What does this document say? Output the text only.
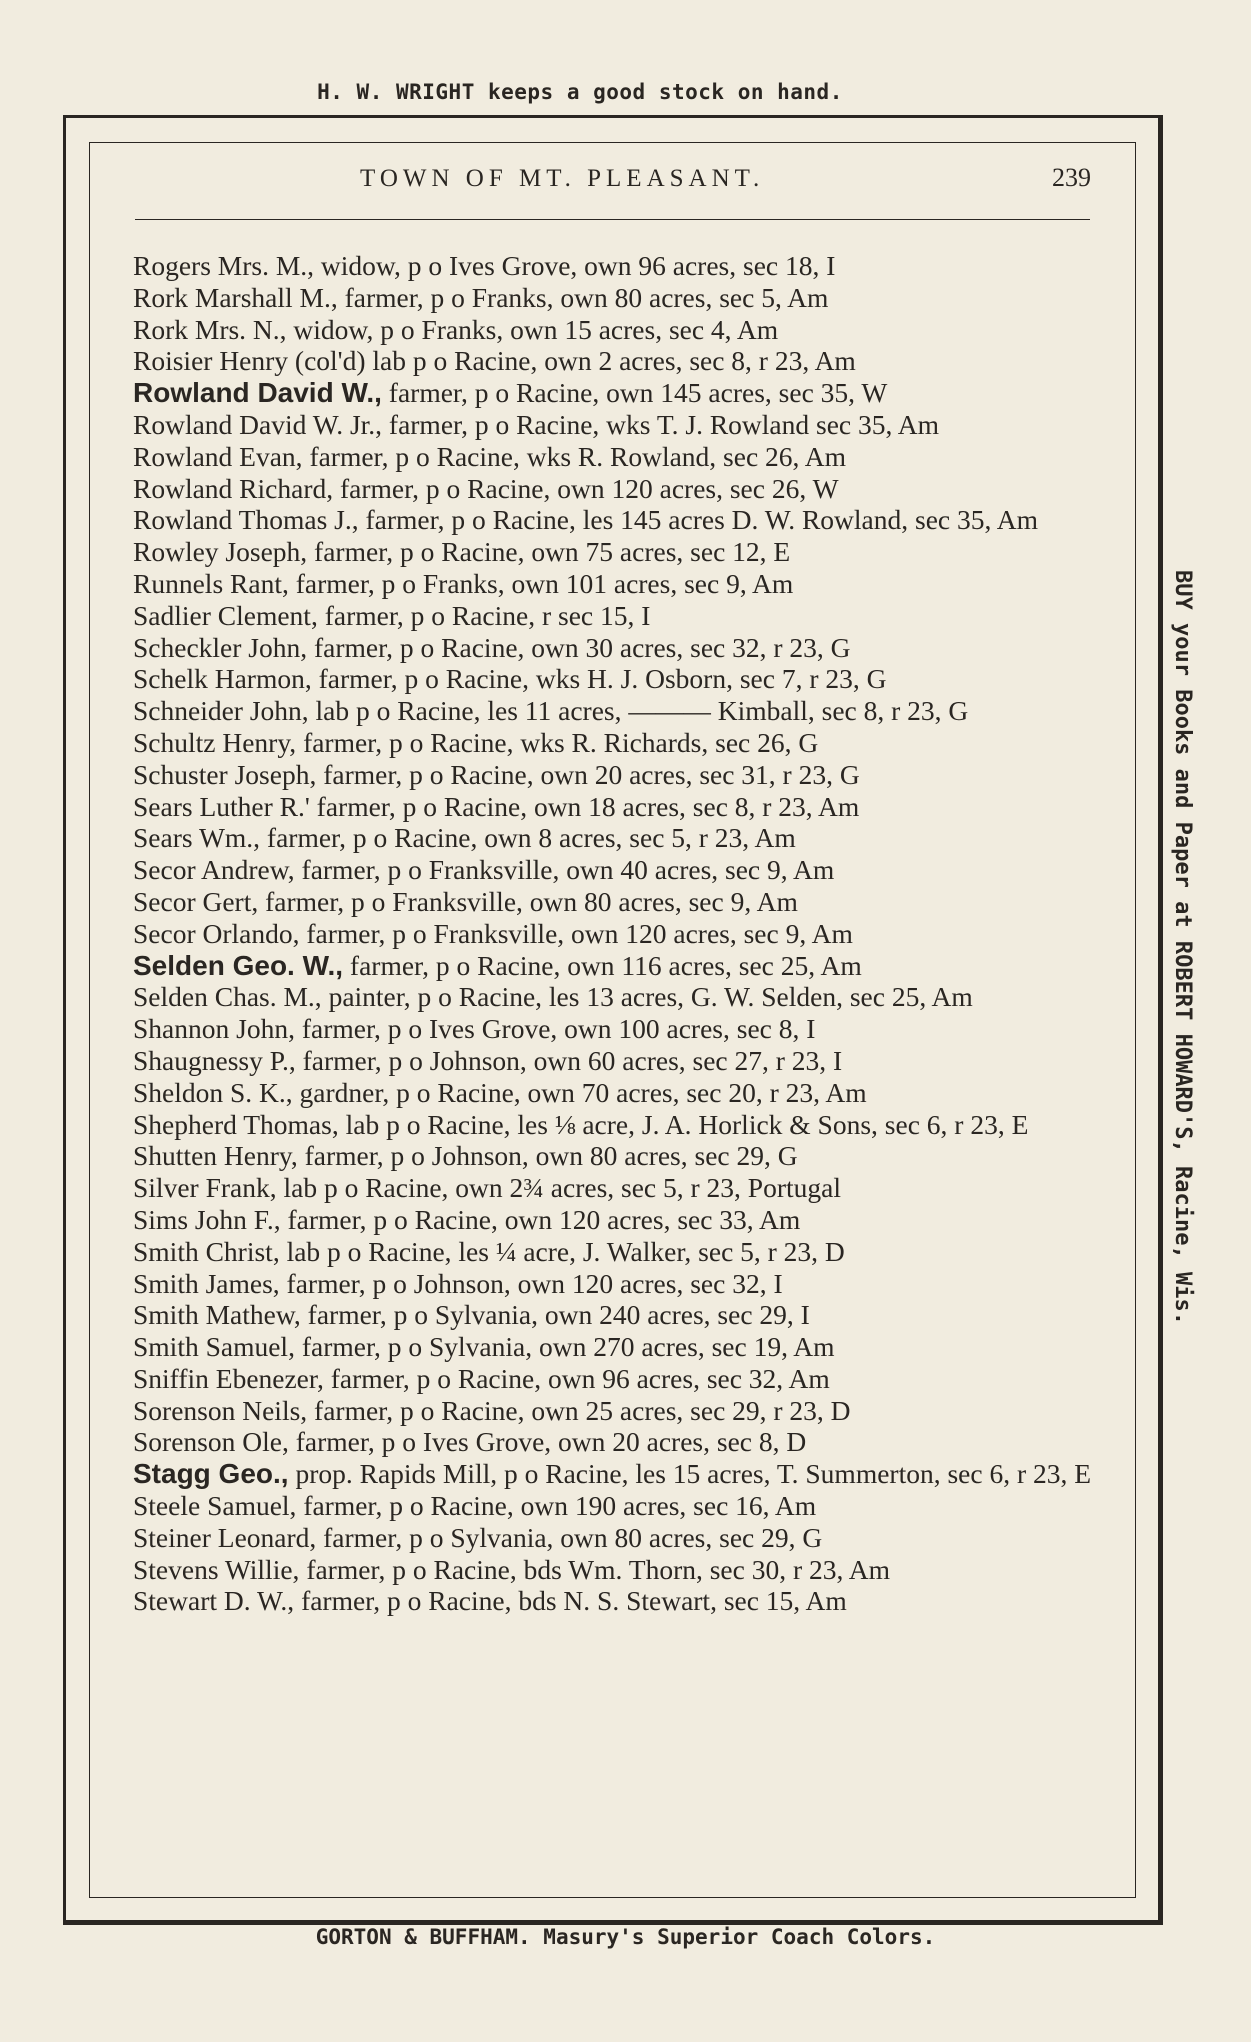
H. W. WRIGHT keeps a good stock on hand.
TOWN OF MT. PLEASANT.	239

Rogers Mrs. M., widow, p o Ives Grove, own 96 acres, sec 18, I

Rork Marshall M., farmer, p o Franks, own 80 acres, sec 5, Am

Rork Mrs. N., widow, p o Franks, own 15 acres, sec 4, Am

Roisier Henry (col'd) lab p o Racine, own 2 acres, sec 8, r 23, Am

Rowland David W., farmer, p o Racine, own 145 acres, sec 35, W

Rowland David W. Jr., farmer, p o Racine, wks T. J. Rowland sec 35, Am

Rowland Evan, farmer, p o Racine, wks R. Rowland, sec 26, Am

Rowland Richard, farmer, p o Racine, own 120 acres, sec 26, W

Rowland Thomas J., farmer, p o Racine, les 145 acres D. W. Rowland, sec 35, Am

Rowley Joseph, farmer, p o Racine, own 75 acres, sec 12, E

Runnels Rant, farmer, p o Franks, own 101 acres, sec 9, Am

Sadlier Clement, farmer, p o Racine, r sec 15, I

Scheckler John, farmer, p o Racine, own 30 acres, sec 32, r 23, G

Schelk Harmon, farmer, p o Racine, wks H. J. Osborn, sec 7, r 23, G

Schneider John, lab p o Racine, les 11 acres, ——— Kimball, sec 8, r 23, G

Schultz Henry, farmer, p o Racine, wks R. Richards, sec 26, G

Schuster Joseph, farmer, p o Racine, own 20 acres, sec 31, r 23, G

Sears Luther R.' farmer, p o Racine, own 18 acres, sec 8, r 23, Am

Sears Wm., farmer, p o Racine, own 8 acres, sec 5, r 23, Am

Secor Andrew, farmer, p o Franksville, own 40 acres, sec 9, Am

Secor Gert, farmer, p o Franksville, own 80 acres, sec 9, Am

Secor Orlando, farmer, p o Franksville, own 120 acres, sec 9, Am

Selden Geo. W., farmer, p o Racine, own 116 acres, sec 25, Am

Selden Chas. M., painter, p o Racine, les 13 acres, G. W. Selden, sec 25, Am

Shannon John, farmer, p o Ives Grove, own 100 acres, sec 8, I

Shaugnessy P., farmer, p o Johnson, own 60 acres, sec 27, r 23, I

Sheldon S. K., gardner, p o Racine, own 70 acres, sec 20, r 23, Am

Shepherd Thomas, lab p o Racine, les ⅛ acre, J. A. Horlick & Sons, sec 6, r 23, E

Shutten Henry, farmer, p o Johnson, own 80 acres, sec 29, G

Silver Frank, lab p o Racine, own 2¾ acres, sec 5, r 23, Portugal

Sims John F., farmer, p o Racine, own 120 acres, sec 33, Am

Smith Christ, lab p o Racine, les ¼ acre, J. Walker, sec 5, r 23, D

Smith James, farmer, p o Johnson, own 120 acres, sec 32, I

Smith Mathew, farmer, p o Sylvania, own 240 acres, sec 29, I

Smith Samuel, farmer, p o Sylvania, own 270 acres, sec 19, Am

Sniffin Ebenezer, farmer, p o Racine, own 96 acres, sec 32, Am

Sorenson Neils, farmer, p o Racine, own 25 acres, sec 29, r 23, D

Sorenson Ole, farmer, p o Ives Grove, own 20 acres, sec 8, D

Stagg Geo., prop. Rapids Mill, p o Racine, les 15 acres, T. Summerton, sec 6, r 23, E

Steele Samuel, farmer, p o Racine, own 190 acres, sec 16, Am

Steiner Leonard, farmer, p o Sylvania, own 80 acres, sec 29, G

Stevens Willie, farmer, p o Racine, bds Wm. Thorn, sec 30, r 23, Am

Stewart D. W., farmer, p o Racine, bds N. S. Stewart, sec 15, Am

BUY your Books and Paper at ROBERT HOWARD'S, Racine, Wis.
GORTON & BUFFHAM. Masury's Superior Coach Colors.
